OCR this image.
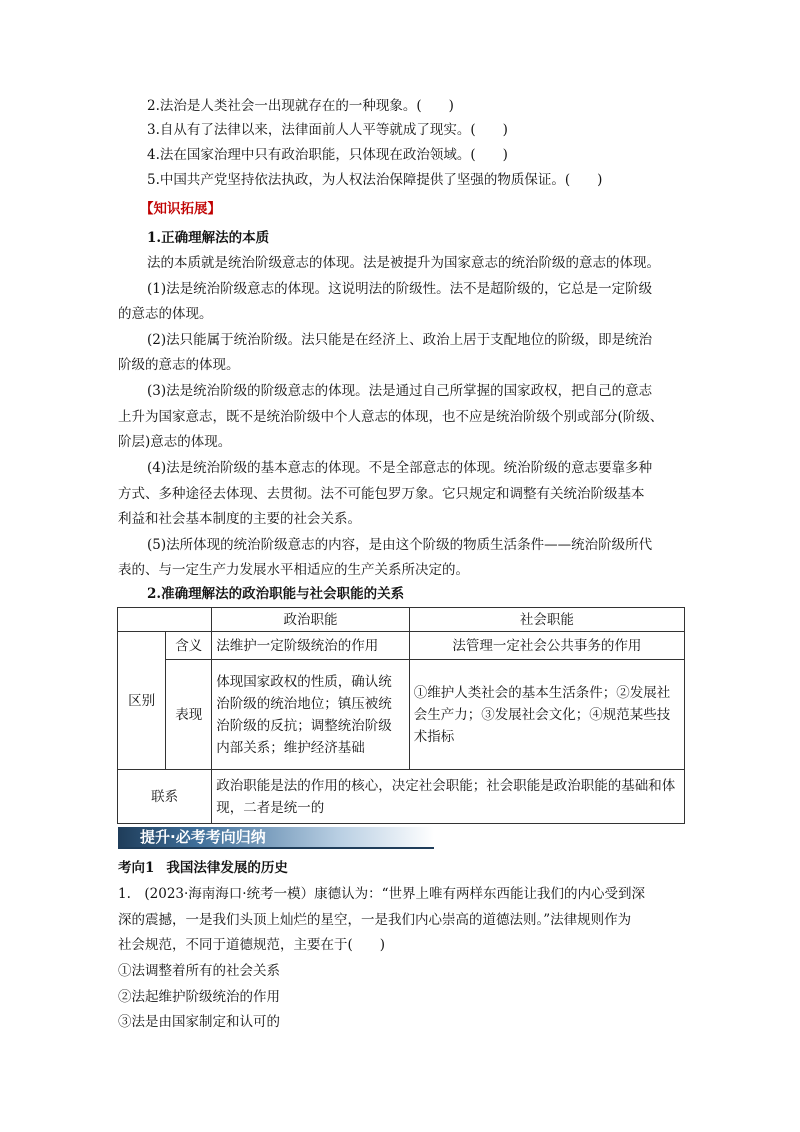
2.法治是人类社会一出现就存在的一种现象。(　　)
3.自从有了法律以来，法律面前人人平等就成了现实。(　　)
4.法在国家治理中只有政治职能，只体现在政治领域。(　　)
5.中国共产党坚持依法执政，为人权法治保障提供了坚强的物质保证。(　　)
【知识拓展】
1.正确理解法的本质
法的本质就是统治阶级意志的体现。法是被提升为国家意志的统治阶级的意志的体现。
(1)法是统治阶级意志的体现。这说明法的阶级性。法不是超阶级的，它总是一定阶级
的意志的体现。
(2)法只能属于统治阶级。法只能是在经济上、政治上居于支配地位的阶级，即是统治
阶级的意志的体现。
(3)法是统治阶级的阶级意志的体现。法是通过自己所掌握的国家政权，把自己的意志
上升为国家意志，既不是统治阶级中个人意志的体现，也不应是统治阶级个别或部分(阶级、
阶层)意志的体现。
(4)法是统治阶级的基本意志的体现。不是全部意志的体现。统治阶级的意志要靠多种
方式、多种途径去体现、去贯彻。法不可能包罗万象。它只规定和调整有关统治阶级基本
利益和社会基本制度的主要的社会关系。
(5)法所体现的统治阶级意志的内容，是由这个阶级的物质生活条件——统治阶级所代
表的、与一定生产力发展水平相适应的生产关系所决定的。
2.准确理解法的政治职能与社会职能的关系
		政治职能	社会职能
区别	含义	法维护一定阶级统治的作用	法管理一定社会公共事务的作用
	表现	体现国家政权的性质，确认统治阶级的统治地位；镇压被统治阶级的反抗；调整统治阶级内部关系；维护经济基础	①维护人类社会的基本生活条件；②发展社会生产力；③发展社会文化；④规范某些技术指标
联系		政治职能是法的作用的核心，决定社会职能；社会职能是政治职能的基础和体现，二者是统一的	
提升·必考考向归纳
考向1 我国法律发展的历史
1.　(2023·海南海口·统考一模）康德认为：“世界上唯有两样东西能让我们的内心受到深
深的震撼，一是我们头顶上灿烂的星空，一是我们内心崇高的道德法则。”法律规则作为
社会规范，不同于道德规范，主要在于(　　)
①法调整着所有的社会关系
②法起维护阶级统治的作用
③法是由国家制定和认可的
